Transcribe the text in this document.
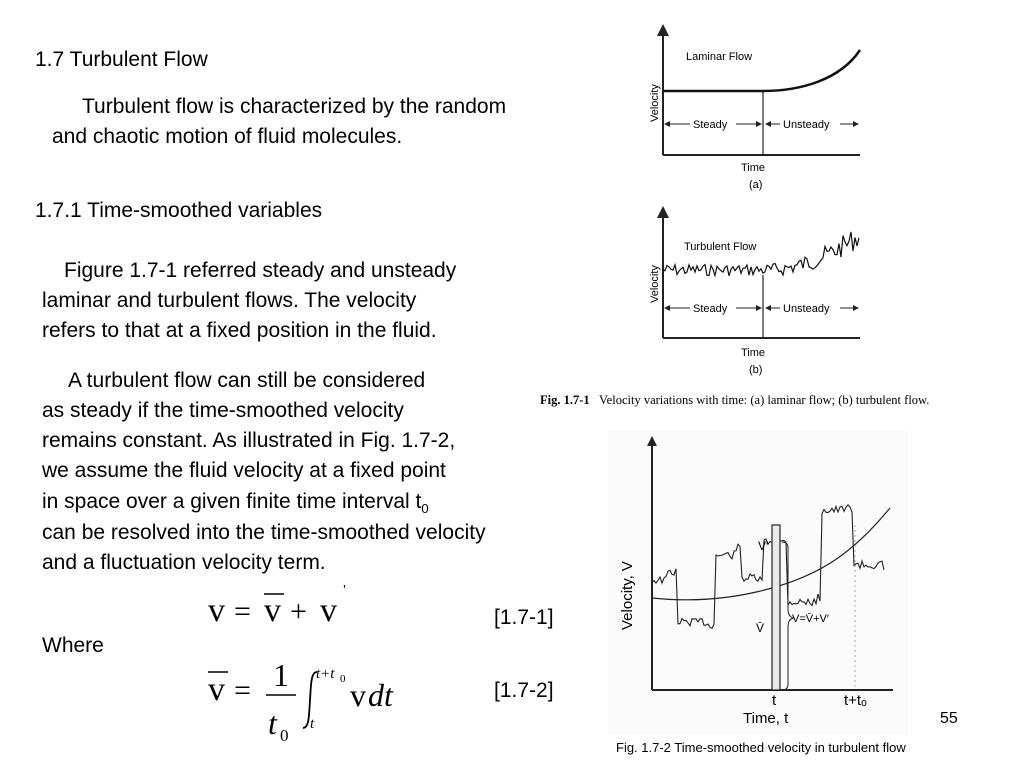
1.7 Turbulent Flow
Turbulent flow is characterized by the random
and chaotic motion of fluid molecules.
1.7.1 Time-smoothed variables
Figure 1.7-1 referred steady and unsteady
laminar and turbulent flows. The velocity
refers to that at a fixed position in the fluid.
A turbulent flow can still be considered
as steady if the time-smoothed velocity
remains constant. As illustrated in Fig. 1.7-2,
we assume the fluid velocity at a fixed point
in space over a given finite time interval $t_0$
can be resolved into the time-smoothed velocity
and a fluctuation velocity term.
v = v + v
'
[1.7-1]
Where
v = 1
t 0
t+t 0
t
v dt	[1.7-2]
Laminar Flow
Velocity
Steady	Unsteady
Time
(a)
Turbulent Flow
Velocity
Steady	Unsteady
Time
(b)
Fig. 1.7-1 Velocity variations with time: (a) laminar flow; (b) turbulent flow.
V′
V̄
V=V̄+V′
Velocity, V
t	t+tₒ
Time, t	55
Fig. 1.7-2 Time-smoothed velocity in turbulent flow
